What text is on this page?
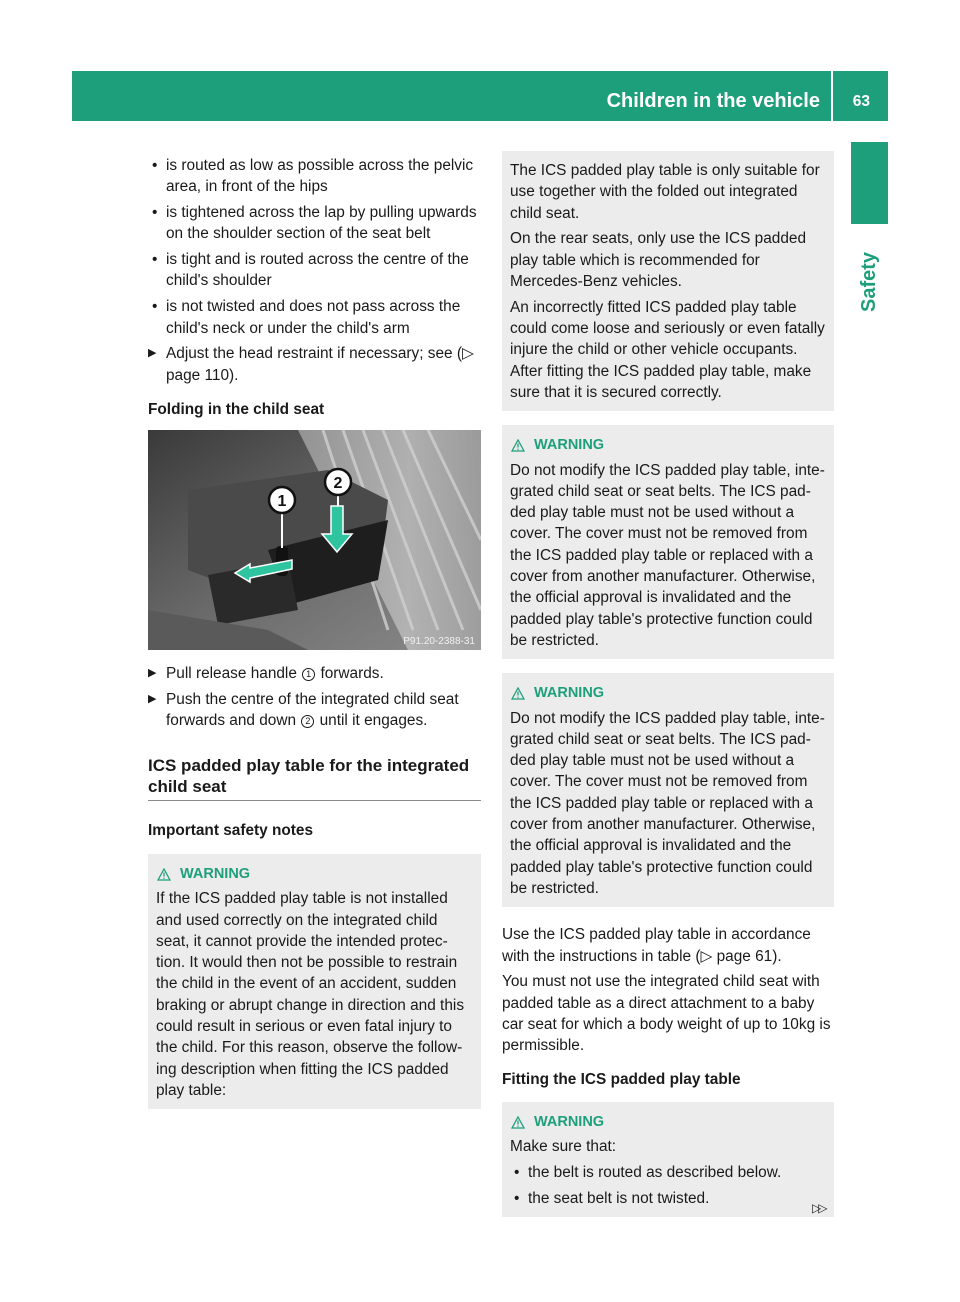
Children in the vehicle 63
Safety
• is routed as low as possible across the pelvic area, in front of the hips
• is tightened across the lap by pulling upwards on the shoulder section of the seat belt
• is tight and is routed across the centre of the child's shoulder
• is not twisted and does not pass across the child's neck or under the child's arm
▶ Adjust the head restraint if necessary; see (▷ page 110).
Folding in the child seat
1
2
P91.20-2388-31
▶ Pull release handle 1 forwards.
▶ Push the centre of the integrated child seat forwards and down 2 until it engages.
ICS padded play table for the integrated child seat
Important safety notes
WARNING

If the ICS padded play table is not installed and used correctly on the integrated child seat, it cannot provide the intended protec-tion. It would then not be possible to restrain the child in the event of an accident, sudden braking or abrupt change in direction and this could result in serious or even fatal injury to the child. For this reason, observe the follow-ing description when fitting the ICS padded play table:

The ICS padded play table is only suitable for use together with the folded out integrated child seat.

On the rear seats, only use the ICS padded play table which is recommended for Mercedes-Benz vehicles.

An incorrectly fitted ICS padded play table could come loose and seriously or even fatally injure the child or other vehicle occupants. After fitting the ICS padded play table, make sure that it is secured correctly.

WARNING

Do not modify the ICS padded play table, inte-grated child seat or seat belts. The ICS pad-ded play table must not be used without a cover. The cover must not be removed from the ICS padded play table or replaced with a cover from another manufacturer. Otherwise, the official approval is invalidated and the padded play table's protective function could be restricted.

WARNING

Do not modify the ICS padded play table, inte-grated child seat or seat belts. The ICS pad-ded play table must not be used without a cover. The cover must not be removed from the ICS padded play table or replaced with a cover from another manufacturer. Otherwise, the official approval is invalidated and the padded play table's protective function could be restricted.

Use the ICS padded play table in accordance with the instructions in table (▷ page 61).

You must not use the integrated child seat with padded table as a direct attachment to a baby car seat for which a body weight of up to 10kg is permissible.

Fitting the ICS padded play table
WARNING

Make sure that:

• the belt is routed as described below.
• the seat belt is not twisted.
▷▷
